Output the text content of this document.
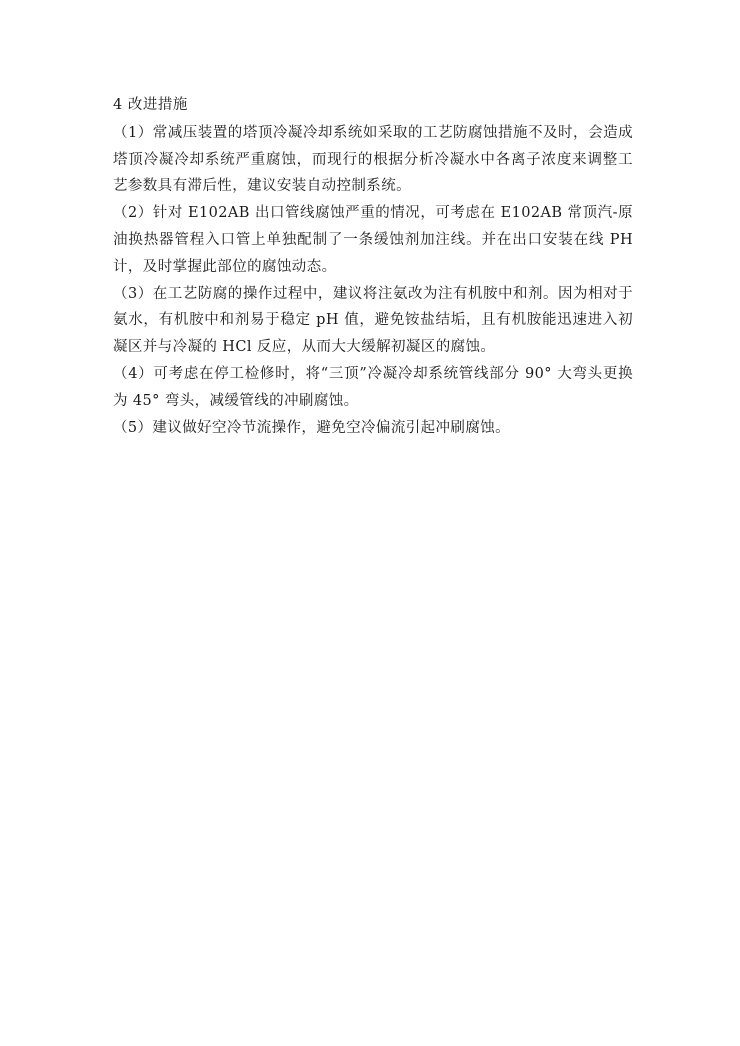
4 改进措施

（1）常减压装置的塔顶冷凝冷却系统如采取的工艺防腐蚀措施不及时，会造成塔顶冷凝冷却系统严重腐蚀，而现行的根据分析冷凝水中各离子浓度来调整工艺参数具有滞后性，建议安装自动控制系统。

（2）针对 E102AB 出口管线腐蚀严重的情况，可考虑在 E102AB 常顶汽-原油换热器管程入口管上单独配制了一条缓蚀剂加注线。并在出口安装在线 PH 计，及时掌握此部位的腐蚀动态。

（3）在工艺防腐的操作过程中，建议将注氨改为注有机胺中和剂。因为相对于氨水，有机胺中和剂易于稳定 pH 值，避免铵盐结垢，且有机胺能迅速进入初凝区并与冷凝的 HCl 反应，从而大大缓解初凝区的腐蚀。

（4）可考虑在停工检修时，将“三顶”冷凝冷却系统管线部分 90° 大弯头更换为 45° 弯头，减缓管线的冲刷腐蚀。

（5）建议做好空冷节流操作，避免空冷偏流引起冲刷腐蚀。
